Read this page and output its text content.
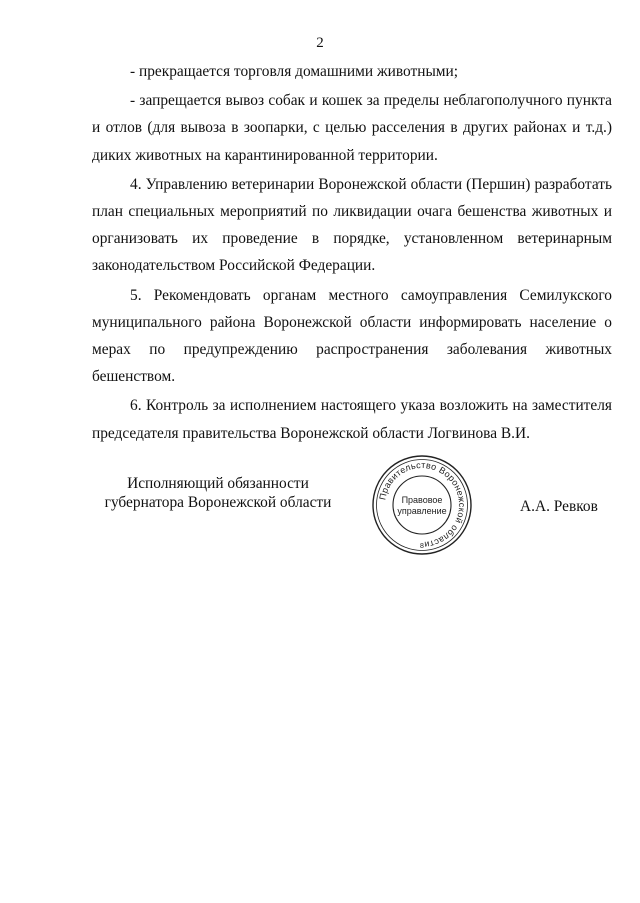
2

- прекращается торговля домашними животными;

- запрещается вывоз собак и кошек за пределы неблагополучного пункта и отлов (для вывоза в зоопарки, с целью расселения в других районах и т.д.) диких животных на карантинированной территории.

4. Управлению ветеринарии Воронежской области (Першин) разработать план специальных мероприятий по ликвидации очага бешенства животных и организовать их проведение в порядке, установленном ветеринарным законодательством Российской Федерации.

5. Рекомендовать органам местного самоуправления Семилукского муниципального района Воронежской области информировать население о мерах по предупреждению распространения заболевания животных бешенством.

6. Контроль за исполнением настоящего указа возложить на заместителя председателя правительства Воронежской области Логвинова В.И.

Исполняющий обязанности
губернатора Воронежской области	Правительство Воронежской области
Правовое
управление
8
А.А. Ревков
